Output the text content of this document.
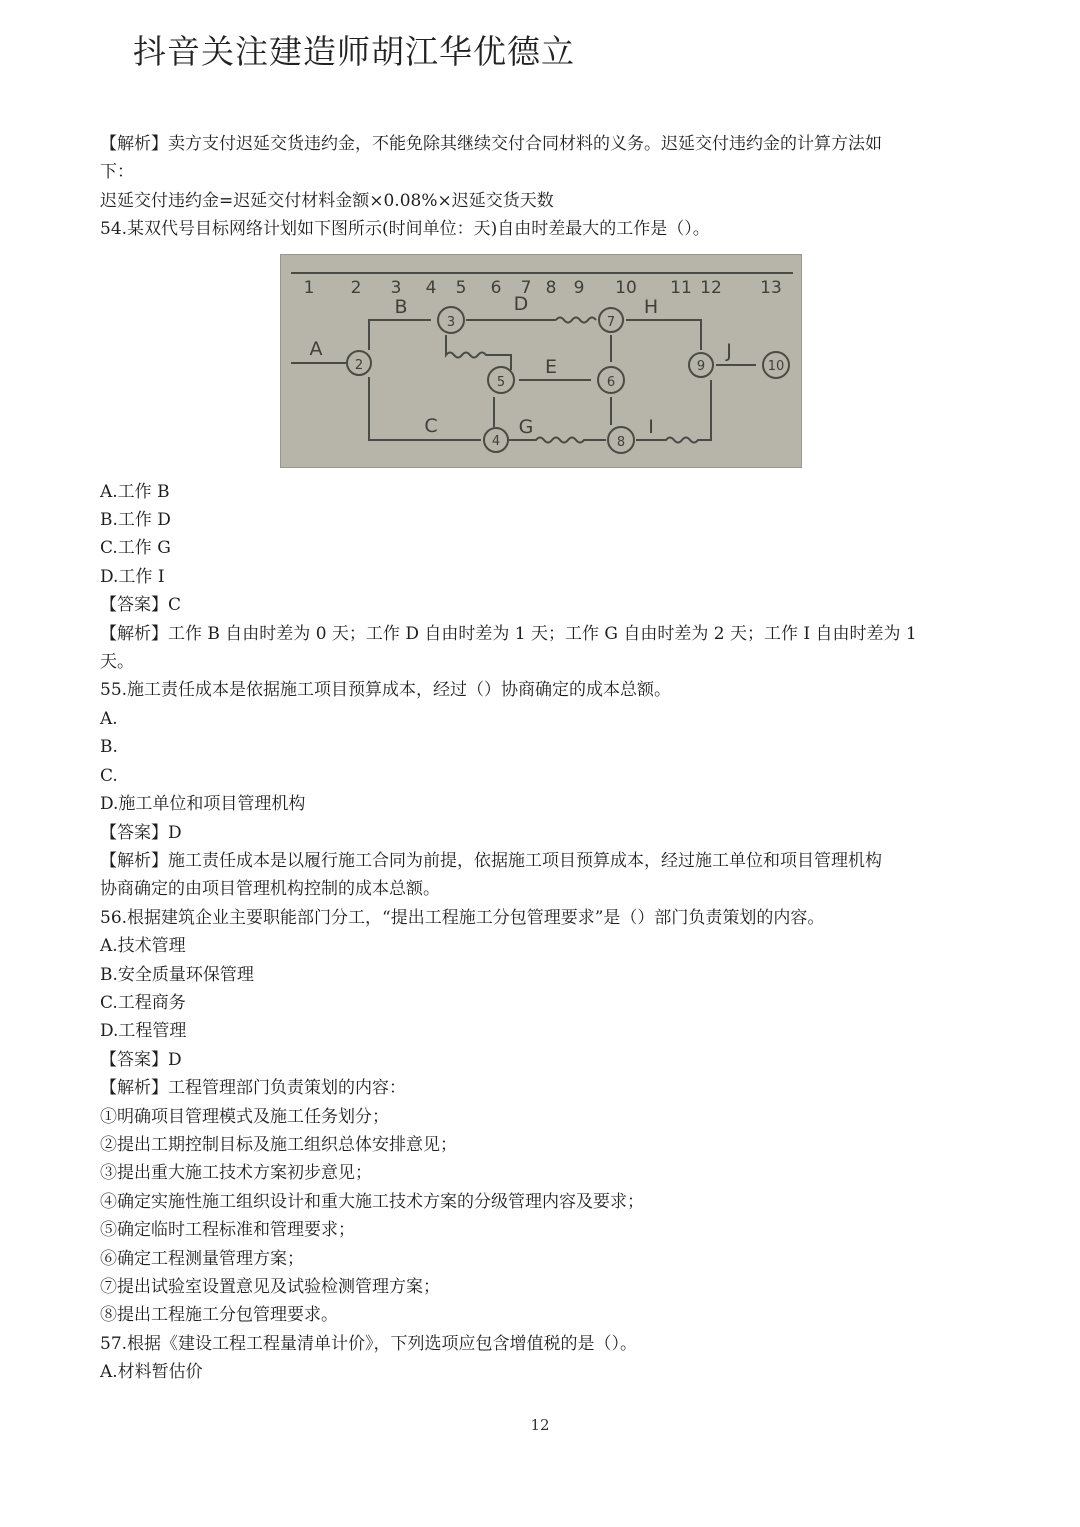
抖音关注建造师胡江华优德立
【解析】卖方支付迟延交货违约金，不能免除其继续交付合同材料的义务。迟延交付违约金的计算方法如
下：
迟延交付违约金=迟延交付材料金额×0.08%×迟延交货天数
54.某双代号目标网络计划如下图所示(时间单位：天)自由时差最大的工作是（）。
1 2 3 4 5 6 7 8 9 10 11 12 13
2
3
5	6
7
4	8
9	10
A
B
C
D
E
G
H
I
J
A.工作 B
B.工作 D
C.工作 G
D.工作 I
【答案】C
【解析】工作 B 自由时差为 0 天；工作 D 自由时差为 1 天；工作 G 自由时差为 2 天；工作 I 自由时差为 1
天。
55.施工责任成本是依据施工项目预算成本，经过（）协商确定的成本总额。
A.
B.
C.
D.施工单位和项目管理机构
【答案】D
【解析】施工责任成本是以履行施工合同为前提，依据施工项目预算成本，经过施工单位和项目管理机构
协商确定的由项目管理机构控制的成本总额。
56.根据建筑企业主要职能部门分工，“提出工程施工分包管理要求”是（）部门负责策划的内容。
A.技术管理
B.安全质量环保管理
C.工程商务
D.工程管理
【答案】D
【解析】工程管理部门负责策划的内容：
①明确项目管理模式及施工任务划分；
②提出工期控制目标及施工组织总体安排意见；
③提出重大施工技术方案初步意见；
④确定实施性施工组织设计和重大施工技术方案的分级管理内容及要求；
⑤确定临时工程标准和管理要求；
⑥确定工程测量管理方案；
⑦提出试验室设置意见及试验检测管理方案；
⑧提出工程施工分包管理要求。
57.根据《建设工程工程量清单计价》，下列选项应包含增值税的是（）。
A.材料暂估价
12
